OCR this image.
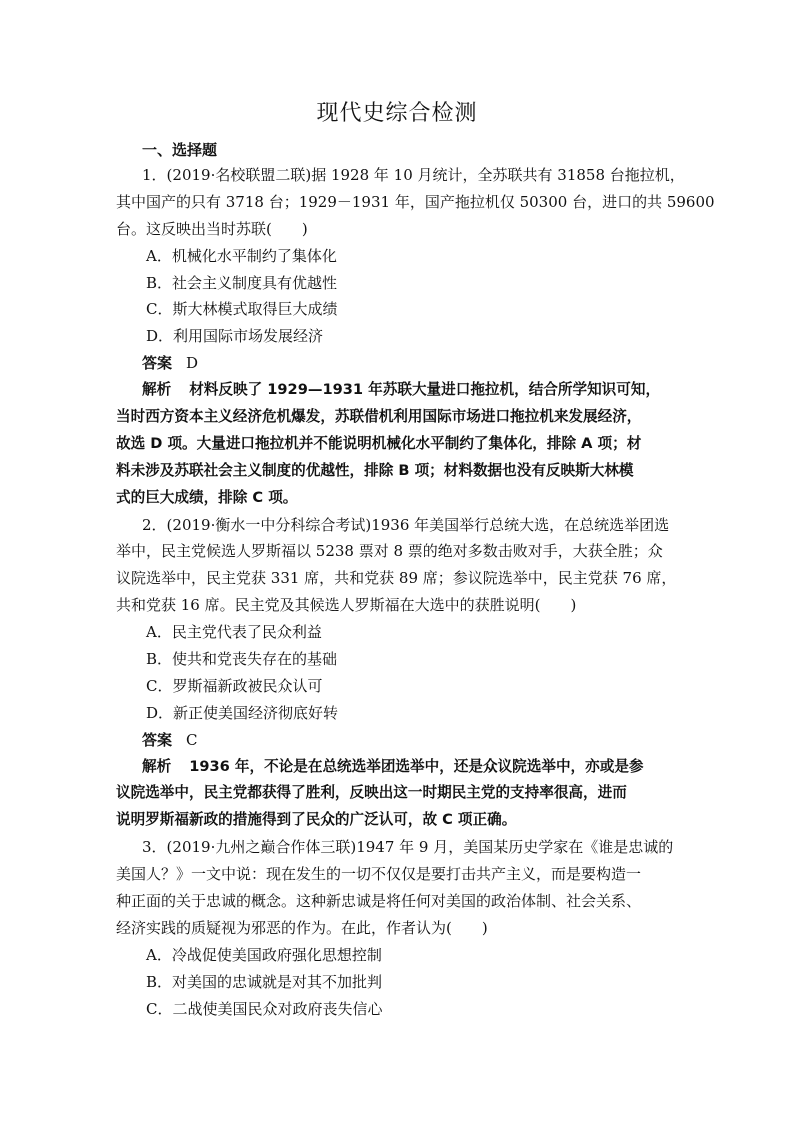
现代史综合检测
一、选择题
1．(2019·名校联盟二联)据 1928 年 10 月统计，全苏联共有 31858 台拖拉机，
其中国产的只有 3718 台；1929－1931 年，国产拖拉机仅 50300 台，进口的共 59600
台。这反映出当时苏联(　　)
A．机械化水平制约了集体化
B．社会主义制度具有优越性
C．斯大林模式取得巨大成绩
D．利用国际市场发展经济
答案 D
解析 材料反映了 1929—1931 年苏联大量进口拖拉机，结合所学知识可知，
当时西方资本主义经济危机爆发，苏联借机利用国际市场进口拖拉机来发展经济，
故选 D 项。大量进口拖拉机并不能说明机械化水平制约了集体化，排除 A 项；材
料未涉及苏联社会主义制度的优越性，排除 B 项；材料数据也没有反映斯大林模
式的巨大成绩，排除 C 项。
2．(2019·衡水一中分科综合考试)1936 年美国举行总统大选，在总统选举团选
举中，民主党候选人罗斯福以 5238 票对 8 票的绝对多数击败对手，大获全胜；众
议院选举中，民主党获 331 席，共和党获 89 席；参议院选举中，民主党获 76 席，
共和党获 16 席。民主党及其候选人罗斯福在大选中的获胜说明(　　)
A．民主党代表了民众利益
B．使共和党丧失存在的基础
C．罗斯福新政被民众认可
D．新正使美国经济彻底好转
答案 C
解析 1936 年，不论是在总统选举团选举中，还是众议院选举中，亦或是参
议院选举中，民主党都获得了胜利，反映出这一时期民主党的支持率很高，进而
说明罗斯福新政的措施得到了民众的广泛认可，故 C 项正确。
3．(2019·九州之巅合作体三联)1947 年 9 月，美国某历史学家在《谁是忠诚的
美国人？》一文中说：现在发生的一切不仅仅是要打击共产主义，而是要构造一
种正面的关于忠诚的概念。这种新忠诚是将任何对美国的政治体制、社会关系、
经济实践的质疑视为邪恶的作为。在此，作者认为(　　)
A．冷战促使美国政府强化思想控制
B．对美国的忠诚就是对其不加批判
C．二战使美国民众对政府丧失信心
